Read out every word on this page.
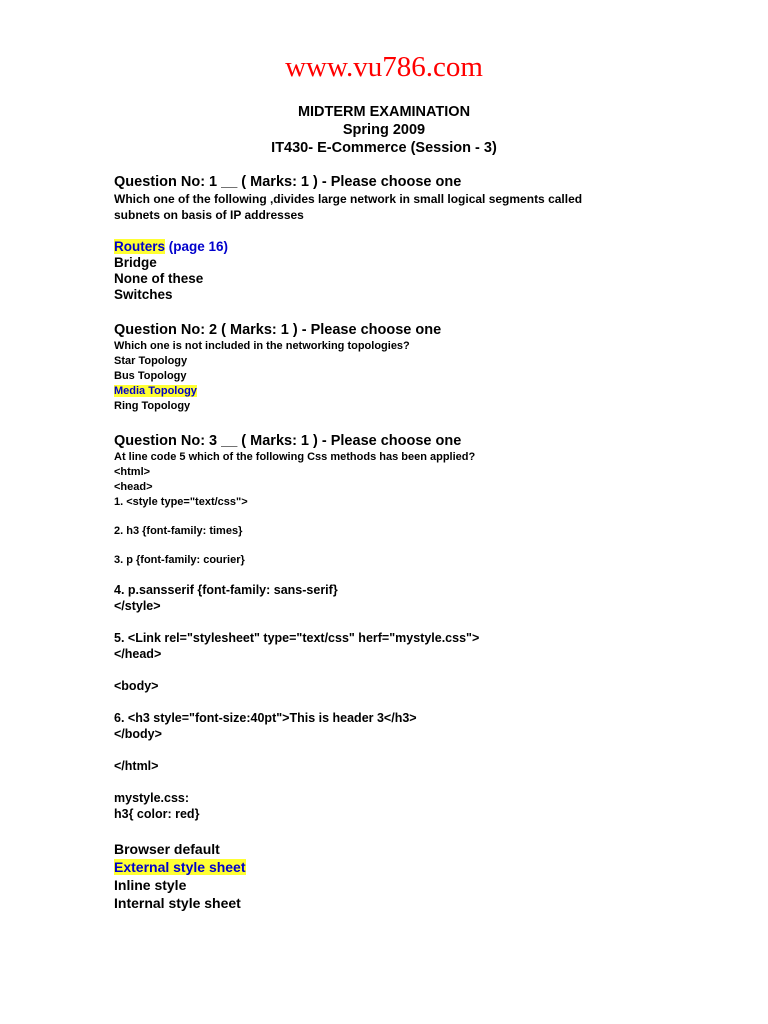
www.vu786.com
MIDTERM EXAMINATION
Spring 2009
IT430- E-Commerce (Session - 3)
Question No: 1 __ ( Marks: 1 ) - Please choose one
Which one of the following ,divides large network in small logical segments called
subnets on basis of IP addresses
Routers (page 16)
Bridge
None of these
Switches
Question No: 2 ( Marks: 1 ) - Please choose one
Which one is not included in the networking topologies?
Star Topology
Bus Topology
Media Topology
Ring Topology
Question No: 3 __ ( Marks: 1 ) - Please choose one
At line code 5 which of the following Css methods has been applied?
<html>
<head>
1. <style type="text/css">
2. h3 {font-family: times}
3. p {font-family: courier}
4. p.sansserif {font-family: sans-serif}
</style>
5. <Link rel="stylesheet" type="text/css" herf="mystyle.css">
</head>
<body>
6. <h3 style="font-size:40pt">This is header 3</h3>
</body>
</html>
mystyle.css:
h3{ color: red}
Browser default
External style sheet
Inline style
Internal style sheet
